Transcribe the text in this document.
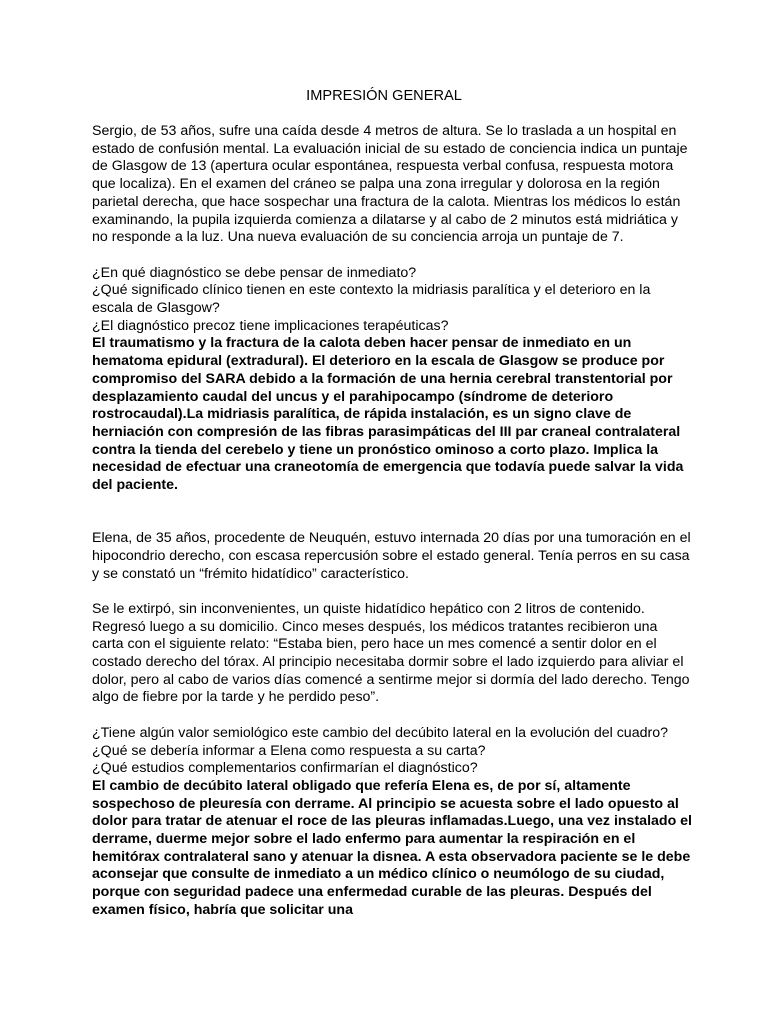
IMPRESIÓN GENERAL

Sergio, de 53 años, sufre una caída desde 4 metros de altura. Se lo traslada a un hospital en estado de confusión mental. La evaluación inicial de su estado de conciencia indica un puntaje de Glasgow de 13 (apertura ocular espontánea, respuesta verbal confusa, respuesta motora que localiza). En el examen del cráneo se palpa una zona irregular y dolorosa en la región parietal derecha, que hace sospechar una fractura de la calota. Mientras los médicos lo están examinando, la pupila izquierda comienza a dilatarse y al cabo de 2 minutos está midriática y no responde a la luz. Una nueva evaluación de su conciencia arroja un puntaje de 7.

¿En qué diagnóstico se debe pensar de inmediato?

¿Qué significado clínico tienen en este contexto la midriasis paralítica y el deterioro en la escala de Glasgow?

¿El diagnóstico precoz tiene implicaciones terapéuticas?

El traumatismo y la fractura de la calota deben hacer pensar de inmediato en un hematoma epidural (extradural). El deterioro en la escala de Glasgow se produce por compromiso del SARA debido a la formación de una hernia cerebral transtentorial por desplazamiento caudal del uncus y el parahipocampo (síndrome de deterioro rostrocaudal).La midriasis paralítica, de rápida instalación, es un signo clave de herniación con compresión de las fibras parasimpáticas del III par craneal contralateral contra la tienda del cerebelo y tiene un pronóstico ominoso a corto plazo. Implica la necesidad de efectuar una craneotomía de emergencia que todavía puede salvar la vida del paciente.

Elena, de 35 años, procedente de Neuquén, estuvo internada 20 días por una tumoración en el hipocondrio derecho, con escasa repercusión sobre el estado general. Tenía perros en su casa y se constató un “frémito hidatídico” característico.

Se le extirpó, sin inconvenientes, un quiste hidatídico hepático con 2 litros de contenido. Regresó luego a su domicilio. Cinco meses después, los médicos tratantes recibieron una carta con el siguiente relato: “Estaba bien, pero hace un mes comencé a sentir dolor en el costado derecho del tórax. Al principio necesitaba dormir sobre el lado izquierdo para aliviar el dolor, pero al cabo de varios días comencé a sentirme mejor si dormía del lado derecho. Tengo algo de fiebre por la tarde y he perdido peso”.

¿Tiene algún valor semiológico este cambio del decúbito lateral en la evolución del cuadro?

¿Qué se debería informar a Elena como respuesta a su carta?

¿Qué estudios complementarios confirmarían el diagnóstico?

El cambio de decúbito lateral obligado que refería Elena es, de por sí, altamente sospechoso de pleuresía con derrame. Al principio se acuesta sobre el lado opuesto al dolor para tratar de atenuar el roce de las pleuras inflamadas.Luego, una vez instalado el derrame, duerme mejor sobre el lado enfermo para aumentar la respiración en el hemitórax contralateral sano y atenuar la disnea. A esta observadora paciente se le debe aconsejar que consulte de inmediato a un médico clínico o neumólogo de su ciudad, porque con seguridad padece una enfermedad curable de las pleuras. Después del examen físico, habría que solicitar una
